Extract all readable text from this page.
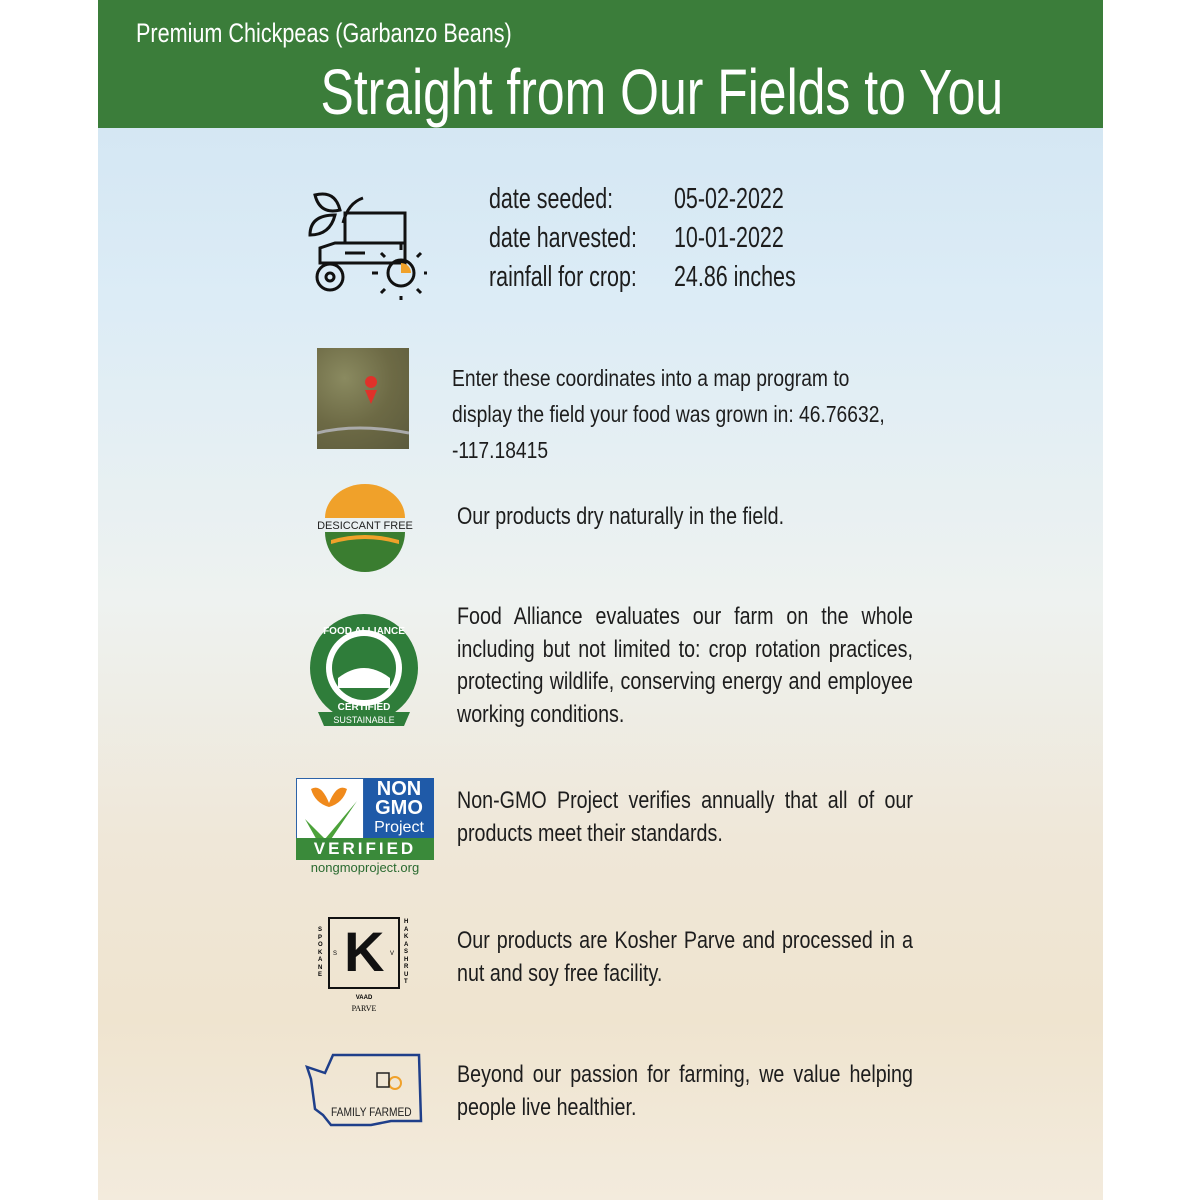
Premium Chickpeas (Garbanzo Beans)
Straight from Our Fields to You
date seeded:	05-02-2022
date harvested:	10-01-2022
rainfall for crop:	24.86 inches
Enter these coordinates into a map program to display the field your food was grown in: 46.76632, -117.18415
DESICCANT FREE Our products dry naturally in the field.
FOOD ALLIANCE
CERTIFIED
SUSTAINABLE
Food Alliance evaluates our farm on the whole including but not limited to: crop rotation practices, protecting wildlife, conserving energy and employee working conditions.
NON
GMO
Project
VERIFIED
nongmoproject.org
Non-GMO Project verifies annually that all of our products meet their standards.
K
SPOKANE
HAKASHRUT
S	V
VAAD
PARVE
Our products are Kosher Parve and processed in a nut and soy free facility.
FAMILY FARMED
Beyond our passion for farming, we value helping people live healthier.
